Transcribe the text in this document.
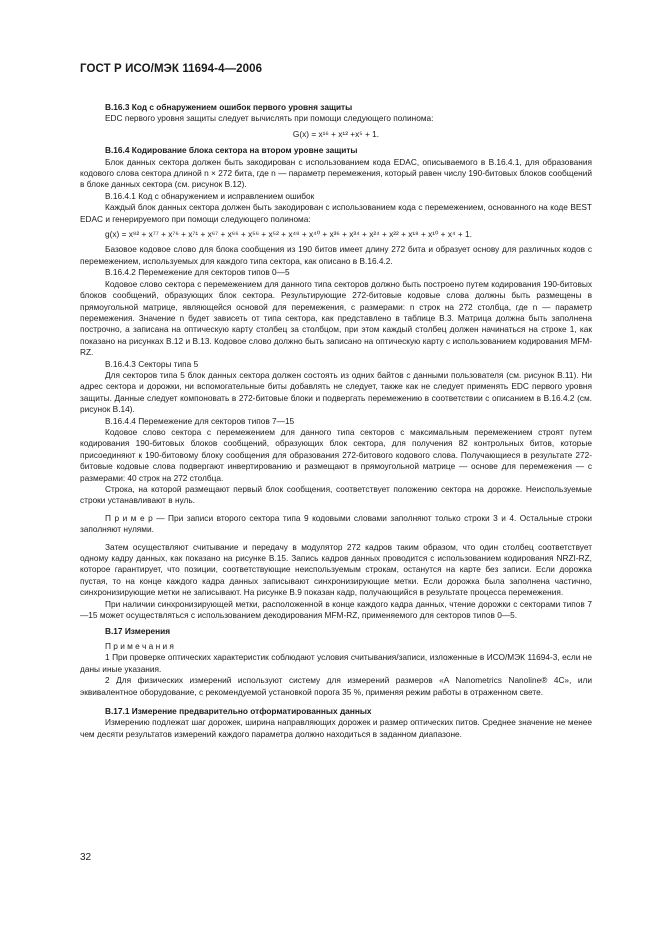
ГОСТ Р ИСО/МЭК 11694-4—2006

В.16.3 Код с обнаружением ошибок первого уровня защиты

EDC первого уровня защиты следует вычислять при помощи следующего полинома:

G(x) = x¹⁶ + x¹² +x⁵ + 1.

В.16.4 Кодирование блока сектора на втором уровне защиты

Блок данных сектора должен быть закодирован с использованием кода EDAC, описываемого в В.16.4.1, для образования кодового слова сектора длиной n × 272 бита, где n — параметр перемежения, который равен числу 190-битовых блоков сообщений в блоке данных сектора (см. рисунок В.12).

В.16.4.1 Код с обнаружением и исправлением ошибок

Каждый блок данных сектора должен быть закодирован с использованием кода с перемежением, основанного на коде BEST EDAC и генерируемого при помощи следующего полинома:

g(x) = x⁸² + x⁷⁷ + x⁷⁶ + x⁷¹ + x⁶⁷ + x⁶⁶ + x⁵⁶ + x⁵² + x⁴⁸ + x⁴⁰ + x³⁶ + x³⁴ + x²⁴ + x²² + x¹⁸ + x¹⁰ + x⁴ + 1.

Базовое кодовое слово для блока сообщения из 190 битов имеет длину 272 бита и образует основу для различных кодов с перемежением, используемых для каждого типа сектора, как описано в В.16.4.2.

В.16.4.2 Перемежение для секторов типов 0—5

Кодовое слово сектора с перемежением для данного типа секторов должно быть построено путем кодирования 190-битовых блоков сообщений, образующих блок сектора. Результирующие 272-битовые кодовые слова должны быть размещены в прямоугольной матрице, являющейся основой для перемежения, с размерами: n строк на 272 столбца, где n — параметр перемежения. Значение n будет зависеть от типа сектора, как представлено в таблице В.3. Матрица должна быть заполнена построчно, а записана на оптическую карту столбец за столбцом, при этом каждый столбец должен начинаться на строке 1, как показано на рисунках В.12 и В.13. Кодовое слово должно быть записано на оптическую карту с использованием кодирования MFM-RZ.

В.16.4.3 Секторы типа 5

Для секторов типа 5 блок данных сектора должен состоять из одних байтов с данными пользователя (см. рисунок В.11). Ни адрес сектора и дорожки, ни вспомогательные биты добавлять не следует, также как не следует применять EDC первого уровня защиты. Данные следует компоновать в 272-битовые блоки и подвергать перемежению в соответствии с описанием в В.16.4.2 (см. рисунок В.14).

В.16.4.4 Перемежение для секторов типов 7—15

Кодовое слово сектора с перемежением для данного типа секторов с максимальным перемежением строят путем кодирования 190-битовых блоков сообщений, образующих блок сектора, для получения 82 контрольных битов, которые присоединяют к 190-битовому блоку сообщения для образования 272-битового кодового слова. Получающиеся в результате 272-битовые кодовые слова подвергают инвертированию и размещают в прямоугольной матрице — основе для перемежения — с размерами: 40 строк на 272 столбца.

Строка, на которой размещают первый блок сообщения, соответствует положению сектора на дорожке. Неиспользуемые строки устанавливают в нуль.

П р и м е р — При записи второго сектора типа 9 кодовыми словами заполняют только строки 3 и 4. Остальные строки заполняют нулями.

Затем осуществляют считывание и передачу в модулятор 272 кадров таким образом, что один столбец соответствует одному кадру данных, как показано на рисунке В.15. Запись кадров данных проводится с использованием кодирования NRZI-RZ, которое гарантирует, что позиции, соответствующие неиспользуемым строкам, останутся на карте без записи. Если дорожка пустая, то на конце каждого кадра данных записывают синхронизирующие метки. Если дорожка была заполнена частично, синхронизирующие метки не записывают. На рисунке В.9 показан кадр, получающийся в результате процесса перемежения.

При наличии синхронизирующей метки, расположенной в конце каждого кадра данных, чтение дорожки с секторами типов 7—15 может осуществляться с использованием декодирования MFM-RZ, применяемого для секторов типов 0—5.

В.17 Измерения

П р и м е ч а н и я

1 При проверке оптических характеристик соблюдают условия считывания/записи, изложенные в ИСО/МЭК 11694-3, если не даны иные указания.

2 Для физических измерений используют систему для измерений размеров «A Nanometrics Nanoline® 4C», или эквивалентное оборудование, с рекомендуемой установкой порога 35 %, применяя режим работы в отраженном свете.

В.17.1 Измерение предварительно отформатированных данных

Измерению подлежат шаг дорожек, ширина направляющих дорожек и размер оптических питов. Среднее значение не менее чем десяти результатов измерений каждого параметра должно находиться в заданном диапазоне.

32
